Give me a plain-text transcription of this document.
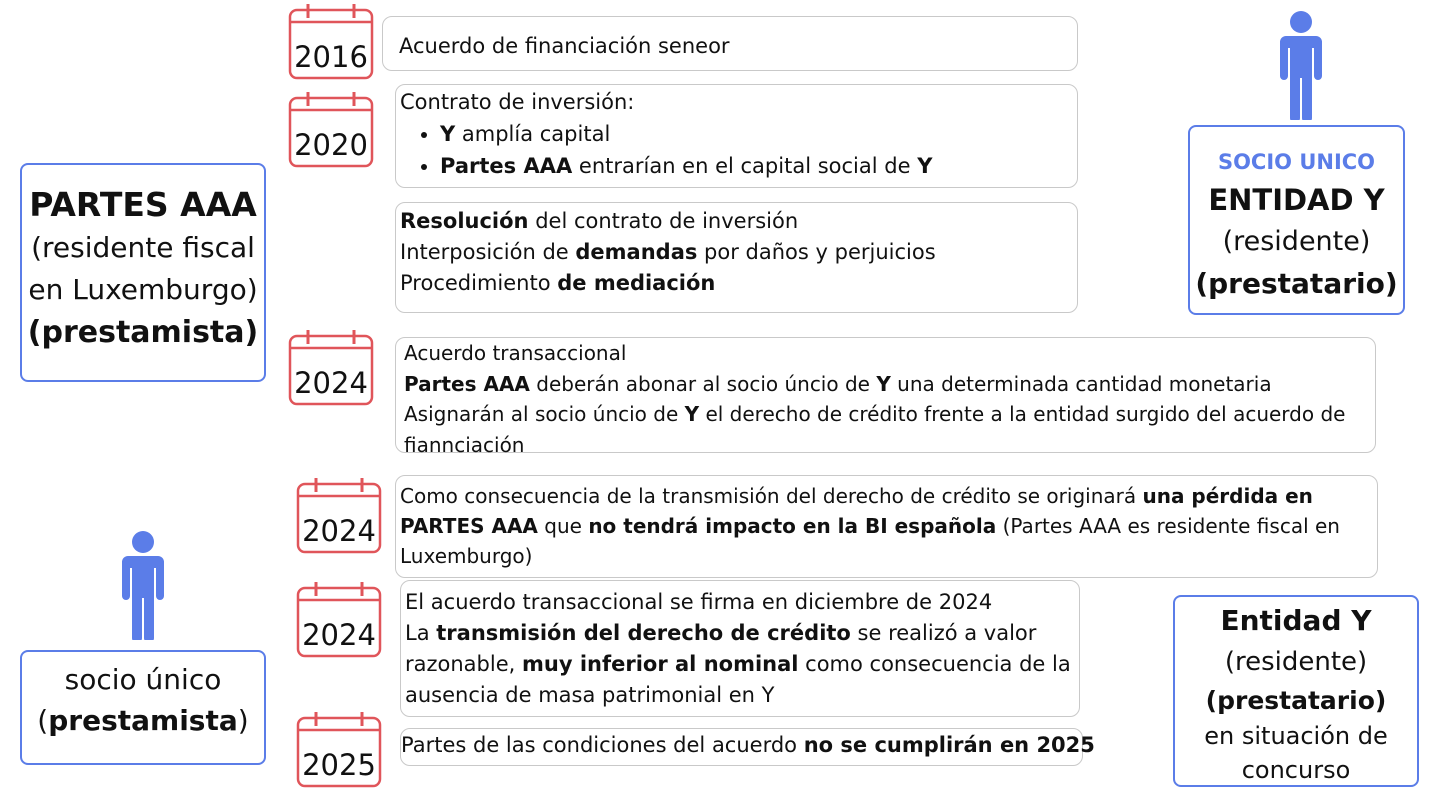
PARTES AAA
(residente fiscal en Luxemburgo)
(prestamista)
socio único
(prestamista)
SOCIO UNICO
ENTIDAD Y
(residente)
(prestatario)
Entidad Y
(residente)
(prestatario)
en situación de concurso
2016
2020
2024
2024
2024
2025
Acuerdo de financiación seneor
Contrato de inversión:
• Y amplía capital
• Partes AAA entrarían en el capital social de Y
Resolución del contrato de inversión
Interposición de demandas por daños y perjuicios
Procedimiento de mediación
Acuerdo transaccional
Partes AAA deberán abonar al socio úncio de Y una determinada cantidad monetaria
Asignarán al socio úncio de Y el derecho de crédito frente a la entidad surgido del acuerdo de fiannciación
Como consecuencia de la transmisión del derecho de crédito se originará una pérdida en PARTES AAA que no tendrá impacto en la BI española (Partes AAA es residente fiscal en Luxemburgo)
El acuerdo transaccional se firma en diciembre de 2024
La transmisión del derecho de crédito se realizó a valor razonable, muy inferior al nominal como consecuencia de la ausencia de masa patrimonial en Y
Partes de las condiciones del acuerdo no se cumplirán en 2025
